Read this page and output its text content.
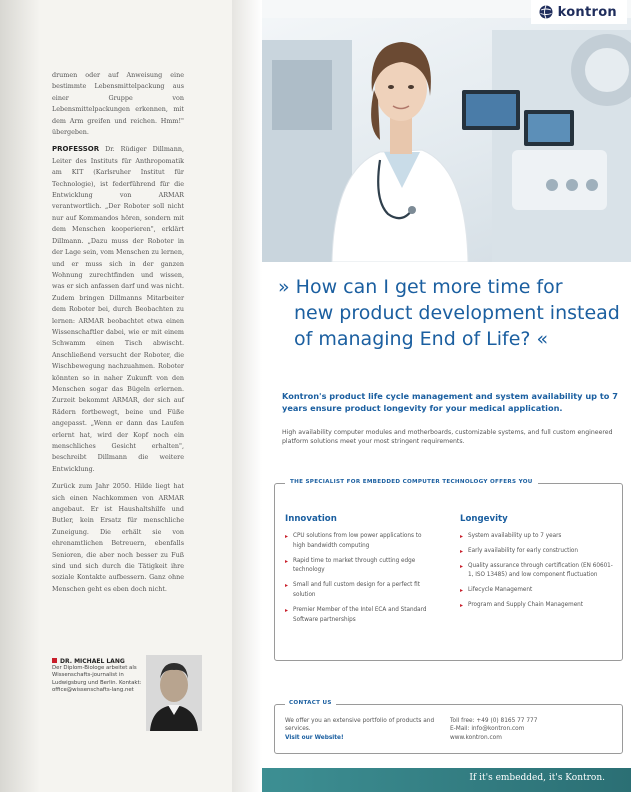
drumen oder auf Anweisung eine bestimmte Lebensmittelpackung aus einer Gruppe von Lebensmittelpackungen erkennen, mit dem Arm greifen und reichen. Hmm!" übergeben.

PROFESSOR Dr. Rüdiger Dillmann, Leiter des Instituts für Anthropomatik am KIT (Karlsruher Institut für Technologie), ist federführend für die Entwicklung von ARMAR verantwortlich. „Der Roboter soll nicht nur auf Kommandos hören, sondern mit dem Menschen kooperieren", erklärt Dillmann. „Dazu muss der Roboter in der Lage sein, vom Menschen zu lernen, und er muss sich in der ganzen Wohnung zurechtfinden und wissen, was er sich anfassen darf und was nicht. Zudem bringen Dillmanns Mitarbeiter dem Roboter bei, durch Beobachten zu lernen: ARMAR beobachtet etwa einen Wissenschaftler dabei, wie er mit einem Schwamm einen Tisch abwischt. Anschließend versucht der Roboter, die Wischbewegung nachzuahmen. Roboter könnten so in naher Zukunft von den Menschen sogar das Bügeln erlernen. Zurzeit bekommt ARMAR, der sich auf Rädern fortbewegt, beine und Füße angepasst. „Wenn er dann das Laufen erlernt hat, wird der Kopf noch ein menschliches Gesicht erhalten", beschreibt Dillmann die weitere Entwicklung.

Zurück zum Jahr 2050. Hilde liegt hat sich einen Nachkommen von ARMAR angebaut. Er ist Haushaltshilfe und Butler, kein Ersatz für menschliche Zuneigung. Die erhält sie von ehrenamtlichen Betreuern, ebenfalls Senioren, die aber noch besser zu Fuß sind und sich durch die Tätigkeit ihre soziale Kontakte aufbessern. Ganz ohne Menschen geht es eben doch nicht.

DR. MICHAEL LANG
Der Diplom-Biologe arbeitet als Wissenschafts-journalist in Ludwigsburg und Berlin. Kontakt:
office@wissenschafts-lang.net
kontron
» How can I get more time for
new product development instead
of managing End of Life? «
Kontron's product life cycle management and system availability up to 7 years ensure product longevity for your medical application.
High availability computer modules and motherboards, customizable systems, and full custom engineered platform solutions meet your most stringent requirements.
THE SPECIALIST FOR EMBEDDED COMPUTER TECHNOLOGY OFFERS YOU
Innovation
▸ CPU solutions from low power applications to high bandwidth computing
▸ Rapid time to market through cutting edge technology
▸ Small and full custom design for a perfect fit solution
▸ Premier Member of the Intel ECA and Standard Software partnerships
Longevity
▸ System availability up to 7 years
▸ Early availability for early construction
▸ Quality assurance through certification (EN 60601-1, ISO 13485) and low component fluctuation
▸ Lifecycle Management
▸ Program and Supply Chain Management
CONTACT US
We offer you an extensive portfolio of products and services.
Visit our Website!
Toll free: +49 (0) 8165 77 777
E-Mail: info@kontron.com
www.kontron.com
If it's embedded, it's Kontron.
